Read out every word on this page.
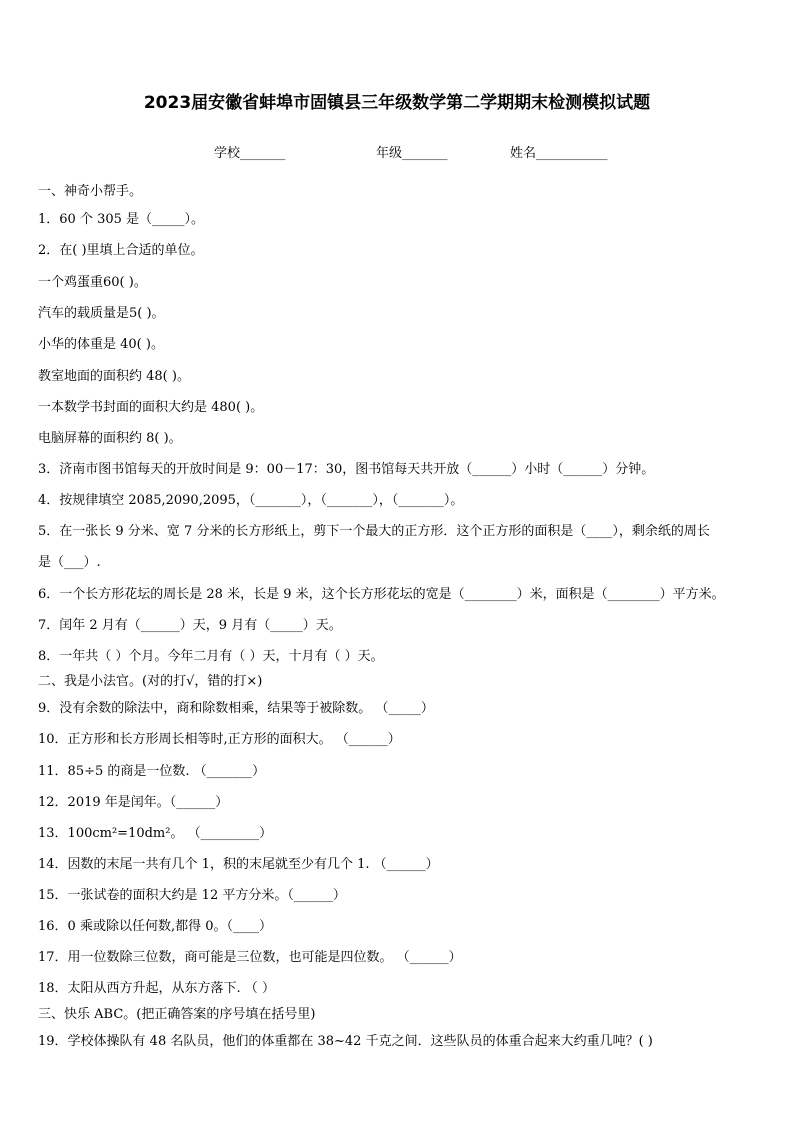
2023届安徽省蚌埠市固镇县三年级数学第二学期期末检测模拟试题
学校_______	年级_______	姓名___________
一、神奇小帮手。
1．60 个 305 是（_____）。
2．在( )里填上合适的单位。
一个鸡蛋重60( )。
汽车的载质量是5( )。
小华的体重是 40( )。
教室地面的面积约 48( )。
一本数学书封面的面积大约是 480( )。
电脑屏幕的面积约 8( )。
3．济南市图书馆每天的开放时间是 9：00－17：30，图书馆每天共开放（______）小时（______）分钟。
4．按规律填空 2085,2090,2095，（_______），（_______），（_______）。
5．在一张长 9 分米、宽 7 分米的长方形纸上，剪下一个最大的正方形．这个正方形的面积是（____），剩余纸的周长
是（___）.
6．一个长方形花坛的周长是 28 米，长是 9 米，这个长方形花坛的宽是（________）米，面积是（________）平方米。
7．闰年 2 月有（______）天，9 月有（_____）天。
8．一年共（ ）个月。今年二月有（ ）天，十月有（ ）天。
二、我是小法官。(对的打√，错的打×)
9．没有余数的除法中，商和除数相乘，结果等于被除数。 （_____）
10．正方形和长方形周长相等时,正方形的面积大。 （______）
11．85÷5 的商是一位数. （_______）
12．2019 年是闰年。（______）
13．100cm²=10dm²。 （_________）
14．因数的末尾一共有几个 1，积的末尾就至少有几个 1. （______）
15．一张试卷的面积大约是 12 平方分米。（______）
16．0 乘或除以任何数,都得 0。（____）
17．用一位数除三位数，商可能是三位数，也可能是四位数。 （______）
18．太阳从西方升起，从东方落下. （ ）
三、快乐 ABC。(把正确答案的序号填在括号里)
19．学校体操队有 48 名队员，他们的体重都在 38~42 千克之间．这些队员的体重合起来大约重几吨？( )
